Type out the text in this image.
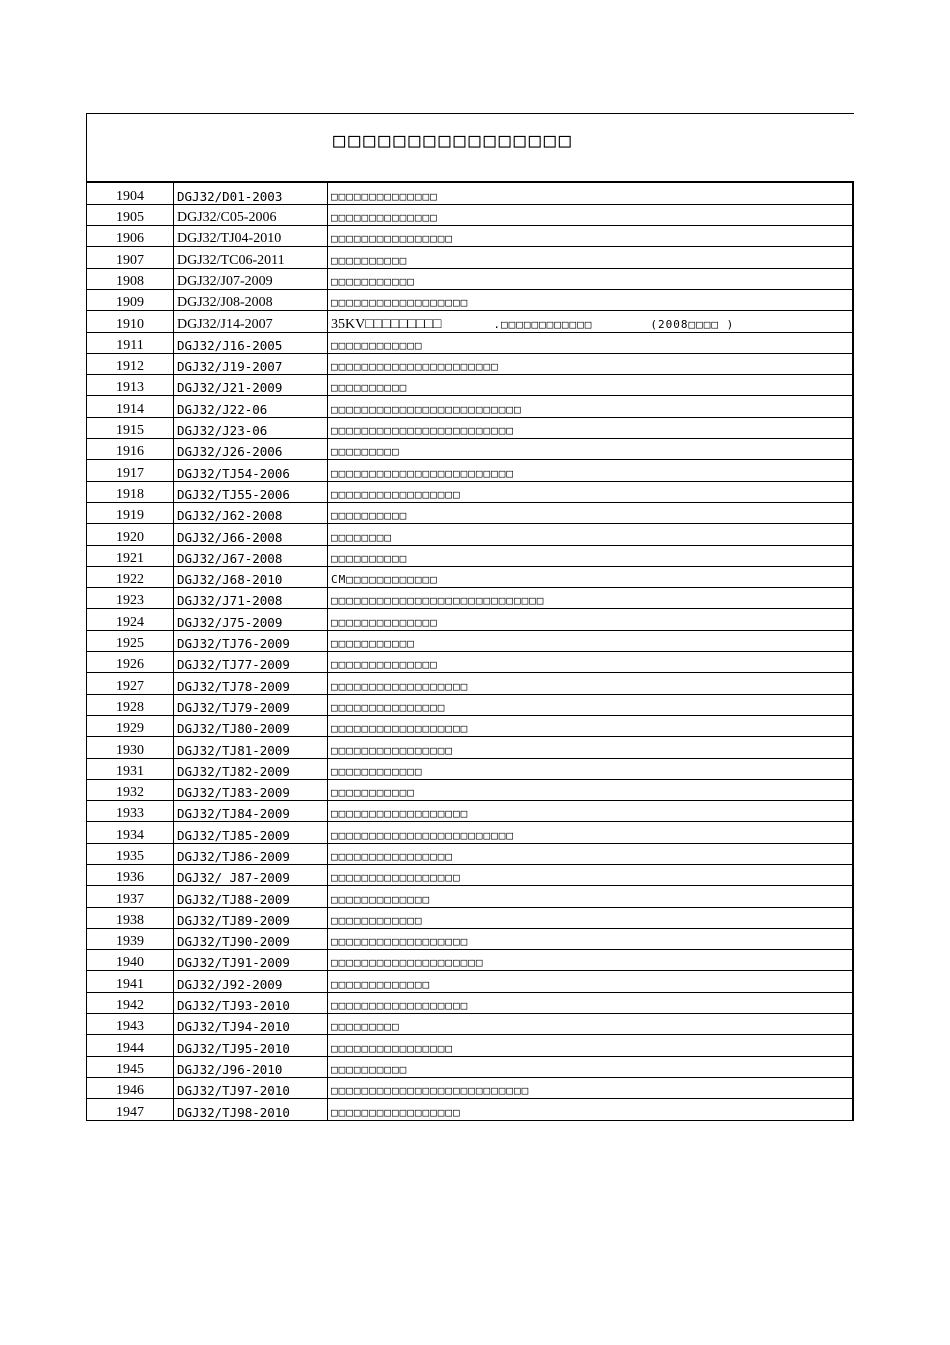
□□□□□□□□□□□□□□□□
1904	DGJ32/D01-2003	□□□□□□□□□□□□□□
1905	DGJ32/C05-2006	□□□□□□□□□□□□□□
1906	DGJ32/TJ04-2010	□□□□□□□□□□□□□□□□
1907	DGJ32/TC06-2011	□□□□□□□□□□
1908	DGJ32/J07-2009	□□□□□□□□□□□
1909	DGJ32/J08-2008	□□□□□□□□□□□□□□□□□□
1910	DGJ32/J14-2007	35KV□□□□□□□□□ .□□□□□□□□□□□□ (2008□□□□ )
1911	DGJ32/J16-2005	□□□□□□□□□□□□
1912	DGJ32/J19-2007	□□□□□□□□□□□□□□□□□□□□□□
1913	DGJ32/J21-2009	□□□□□□□□□□
1914	DGJ32/J22-06	□□□□□□□□□□□□□□□□□□□□□□□□□
1915	DGJ32/J23-06	□□□□□□□□□□□□□□□□□□□□□□□□
1916	DGJ32/J26-2006	□□□□□□□□□
1917	DGJ32/TJ54-2006	□□□□□□□□□□□□□□□□□□□□□□□□
1918	DGJ32/TJ55-2006	□□□□□□□□□□□□□□□□□
1919	DGJ32/J62-2008	□□□□□□□□□□
1920	DGJ32/J66-2008	□□□□□□□□
1921	DGJ32/J67-2008	□□□□□□□□□□
1922	DGJ32/J68-2010	CM□□□□□□□□□□□□
1923	DGJ32/J71-2008	□□□□□□□□□□□□□□□□□□□□□□□□□□□□
1924	DGJ32/J75-2009	□□□□□□□□□□□□□□
1925	DGJ32/TJ76-2009	□□□□□□□□□□□
1926	DGJ32/TJ77-2009	□□□□□□□□□□□□□□
1927	DGJ32/TJ78-2009	□□□□□□□□□□□□□□□□□□
1928	DGJ32/TJ79-2009	□□□□□□□□□□□□□□□
1929	DGJ32/TJ80-2009	□□□□□□□□□□□□□□□□□□
1930	DGJ32/TJ81-2009	□□□□□□□□□□□□□□□□
1931	DGJ32/TJ82-2009	□□□□□□□□□□□□
1932	DGJ32/TJ83-2009	□□□□□□□□□□□
1933	DGJ32/TJ84-2009	□□□□□□□□□□□□□□□□□□
1934	DGJ32/TJ85-2009	□□□□□□□□□□□□□□□□□□□□□□□□
1935	DGJ32/TJ86-2009	□□□□□□□□□□□□□□□□
1936	DGJ32/ J87-2009	□□□□□□□□□□□□□□□□□
1937	DGJ32/TJ88-2009	□□□□□□□□□□□□□
1938	DGJ32/TJ89-2009	□□□□□□□□□□□□
1939	DGJ32/TJ90-2009	□□□□□□□□□□□□□□□□□□
1940	DGJ32/TJ91-2009	□□□□□□□□□□□□□□□□□□□□
1941	DGJ32/J92-2009	□□□□□□□□□□□□□
1942	DGJ32/TJ93-2010	□□□□□□□□□□□□□□□□□□
1943	DGJ32/TJ94-2010	□□□□□□□□□
1944	DGJ32/TJ95-2010	□□□□□□□□□□□□□□□□
1945	DGJ32/J96-2010	□□□□□□□□□□
1946	DGJ32/TJ97-2010	□□□□□□□□□□□□□□□□□□□□□□□□□□
1947	DGJ32/TJ98-2010	□□□□□□□□□□□□□□□□□
